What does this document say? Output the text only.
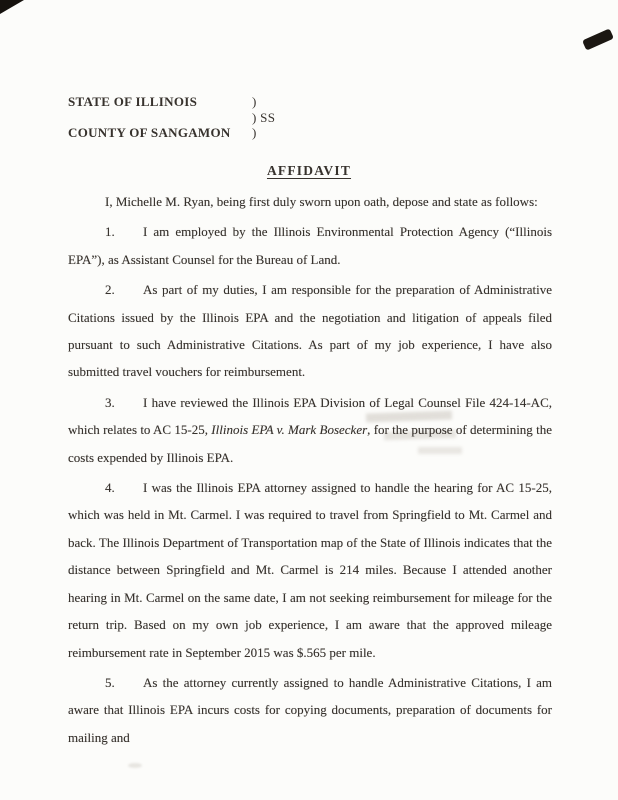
STATE OF ILLINOIS	)
) SS
COUNTY OF SANGAMON )
AFFIDAVIT

I, Michelle M. Ryan, being first duly sworn upon oath, depose and state as follows:

1. I am employed by the Illinois Environmental Protection Agency (“Illinois EPA”), as Assistant Counsel for the Bureau of Land.

2. As part of my duties, I am responsible for the preparation of Administrative Citations issued by the Illinois EPA and the negotiation and litigation of appeals filed pursuant to such Administrative Citations. As part of my job experience, I have also submitted travel vouchers for reimbursement.

3. I have reviewed the Illinois EPA Division of Legal Counsel File 424-14-AC, which relates to AC 15-25, Illinois EPA v. Mark Bosecker, for the purpose of determining the costs expended by Illinois EPA.

4. I was the Illinois EPA attorney assigned to handle the hearing for AC 15-25, which was held in Mt. Carmel. I was required to travel from Springfield to Mt. Carmel and back. The Illinois Department of Transportation map of the State of Illinois indicates that the distance between Springfield and Mt. Carmel is 214 miles. Because I attended another hearing in Mt. Carmel on the same date, I am not seeking reimbursement for mileage for the return trip. Based on my own job experience, I am aware that the approved mileage reimbursement rate in September 2015 was $.565 per mile.

5. As the attorney currently assigned to handle Administrative Citations, I am aware that Illinois EPA incurs costs for copying documents, preparation of documents for mailing and
